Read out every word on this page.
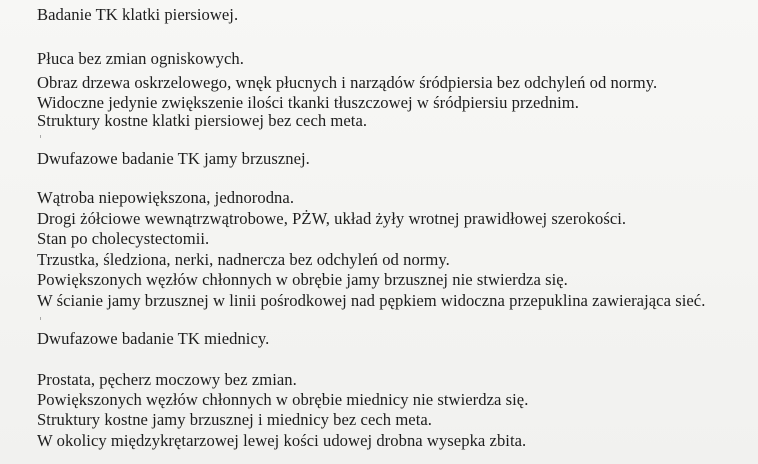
Badanie TK klatki piersiowej.
Płuca bez zmian ogniskowych.
Obraz drzewa oskrzelowego, wnęk płucnych i narządów śródpiersia bez odchyleń od normy.
Widoczne jedynie zwiększenie ilości tkanki tłuszczowej w śródpiersiu przednim.
Struktury kostne klatki piersiowej bez cech meta.
Dwufazowe badanie TK jamy brzusznej.
Wątroba niepowiększona, jednorodna.
Drogi żółciowe wewnątrzwątrobowe, PŻW, układ żyły wrotnej prawidłowej szerokości.
Stan po cholecystectomii.
Trzustka, śledziona, nerki, nadnercza bez odchyleń od normy.
Powiększonych węzłów chłonnych w obrębie jamy brzusznej nie stwierdza się.
W ścianie jamy brzusznej w linii pośrodkowej nad pępkiem widoczna przepuklina zawierająca sieć.
Dwufazowe badanie TK miednicy.
Prostata, pęcherz moczowy bez zmian.
Powiększonych węzłów chłonnych w obrębie miednicy nie stwierdza się.
Struktury kostne jamy brzusznej i miednicy bez cech meta.
W okolicy międzykrętarzowej lewej kości udowej drobna wysepka zbita.
